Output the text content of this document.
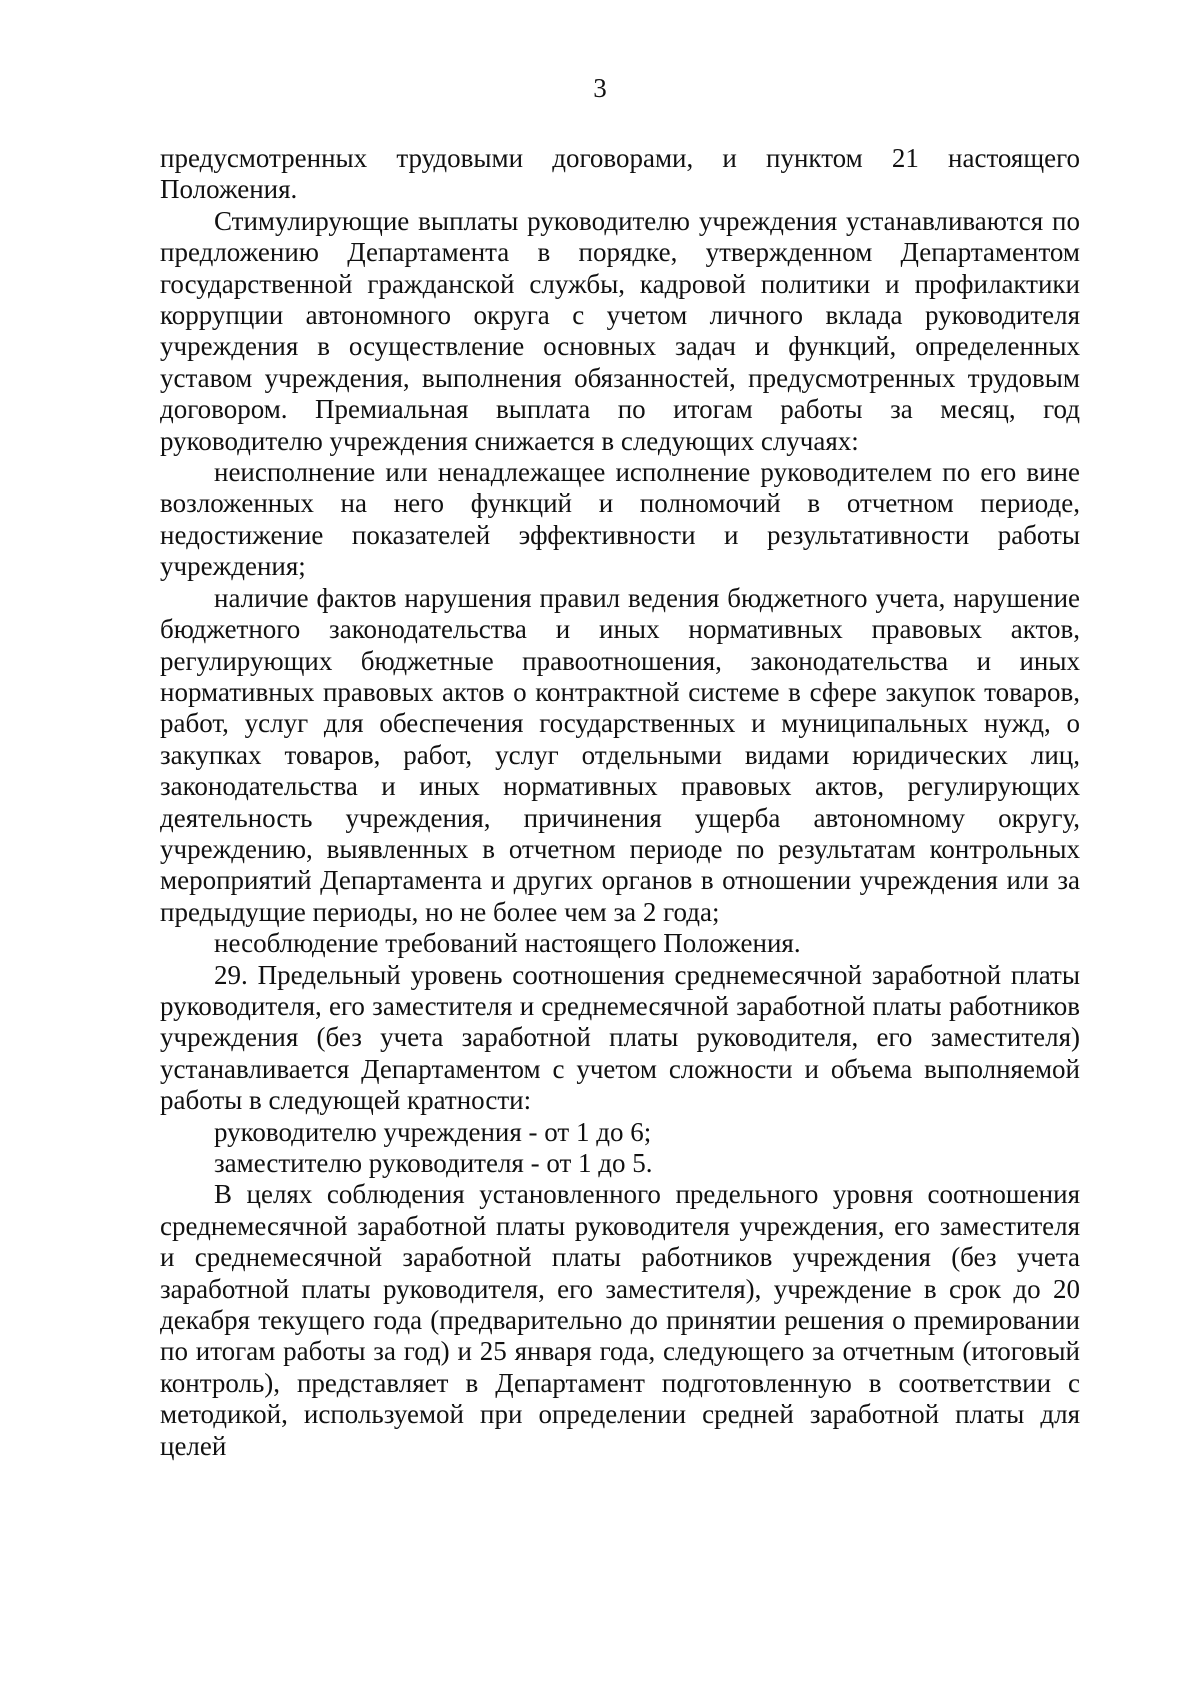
3

предусмотренных трудовыми договорами, и пунктом 21 настоящего Положения.

Стимулирующие выплаты руководителю учреждения устанавливаются по предложению Департамента в порядке, утвержденном Департаментом государственной гражданской службы, кадровой политики и профилактики коррупции автономного округа с учетом личного вклада руководителя учреждения в осуществление основных задач и функций, определенных уставом учреждения, выполнения обязанностей, предусмотренных трудовым договором. Премиальная выплата по итогам работы за месяц, год руководителю учреждения снижается в следующих случаях:

неисполнение или ненадлежащее исполнение руководителем по его вине возложенных на него функций и полномочий в отчетном периоде, недостижение показателей эффективности и результативности работы учреждения;

наличие фактов нарушения правил ведения бюджетного учета, нарушение бюджетного законодательства и иных нормативных правовых актов, регулирующих бюджетные правоотношения, законодательства и иных нормативных правовых актов о контрактной системе в сфере закупок товаров, работ, услуг для обеспечения государственных и муниципальных нужд, о закупках товаров, работ, услуг отдельными видами юридических лиц, законодательства и иных нормативных правовых актов, регулирующих деятельность учреждения, причинения ущерба автономному округу, учреждению, выявленных в отчетном периоде по результатам контрольных мероприятий Департамента и других органов в отношении учреждения или за предыдущие периоды, но не более чем за 2 года;

несоблюдение требований настоящего Положения.

29. Предельный уровень соотношения среднемесячной заработной платы руководителя, его заместителя и среднемесячной заработной платы работников учреждения (без учета заработной платы руководителя, его заместителя) устанавливается Департаментом с учетом сложности и объема выполняемой работы в следующей кратности:

руководителю учреждения - от 1 до 6;

заместителю руководителя - от 1 до 5.

В целях соблюдения установленного предельного уровня соотношения среднемесячной заработной платы руководителя учреждения, его заместителя и среднемесячной заработной платы работников учреждения (без учета заработной платы руководителя, его заместителя), учреждение в срок до 20 декабря текущего года (предварительно до принятии решения о премировании по итогам работы за год) и 25 января года, следующего за отчетным (итоговый контроль), представляет в Департамент подготовленную в соответствии с методикой, используемой при определении средней заработной платы для целей
